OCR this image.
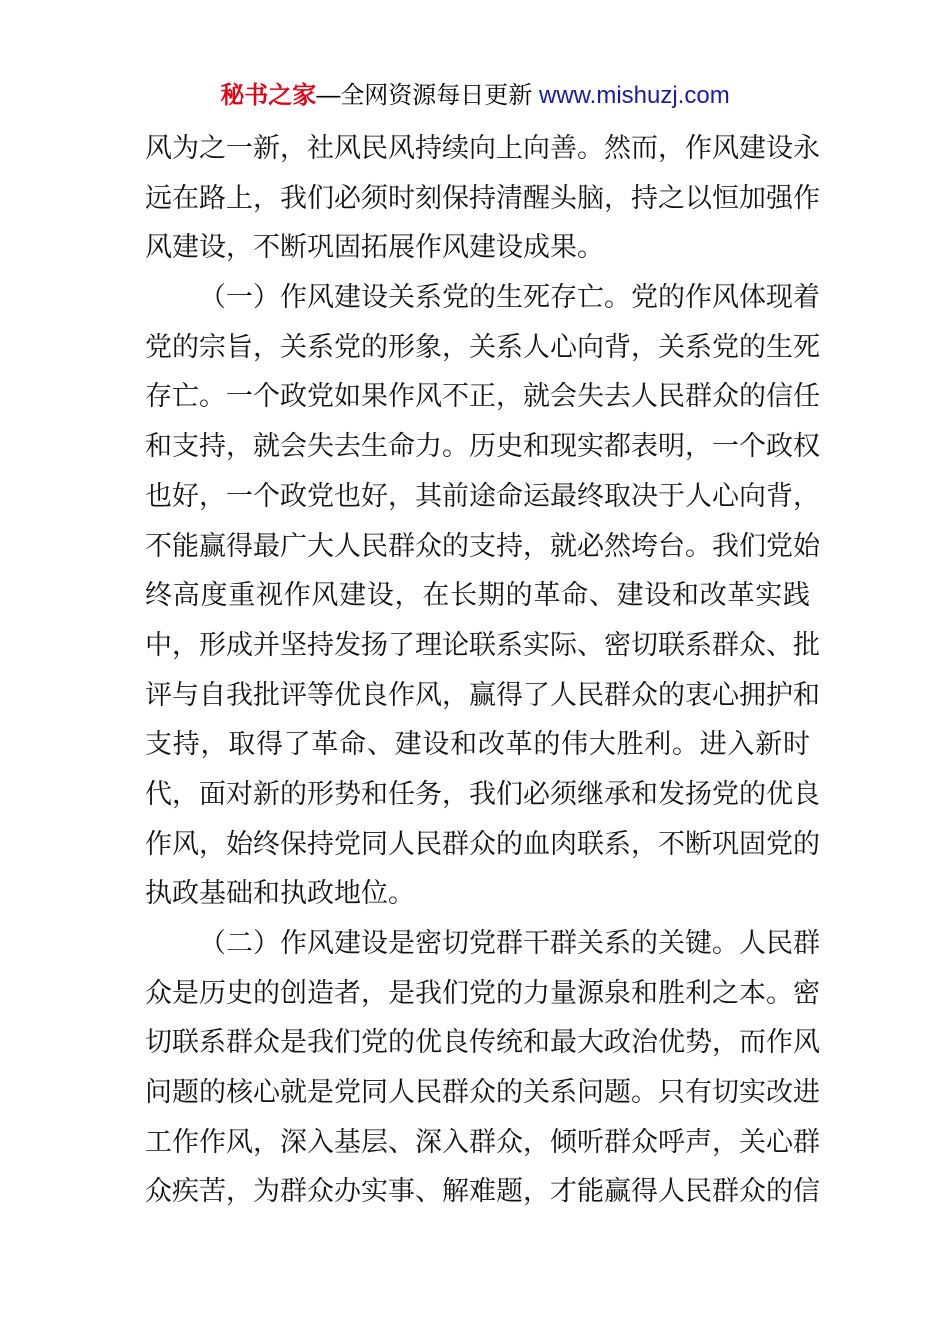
秘书之家—全网资源每日更新 www.mishuzj.com
风为之一新，社风民风持续向上向善。然而，作风建设永
远在路上，我们必须时刻保持清醒头脑，持之以恒加强作
风建设，不断巩固拓展作风建设成果。
（一）作风建设关系党的生死存亡。党的作风体现着
党的宗旨，关系党的形象，关系人心向背，关系党的生死
存亡。一个政党如果作风不正，就会失去人民群众的信任
和支持，就会失去生命力。历史和现实都表明，一个政权
也好，一个政党也好，其前途命运最终取决于人心向背，
不能赢得最广大人民群众的支持，就必然垮台。我们党始
终高度重视作风建设，在长期的革命、建设和改革实践
中，形成并坚持发扬了理论联系实际、密切联系群众、批
评与自我批评等优良作风，赢得了人民群众的衷心拥护和
支持，取得了革命、建设和改革的伟大胜利。进入新时
代，面对新的形势和任务，我们必须继承和发扬党的优良
作风，始终保持党同人民群众的血肉联系，不断巩固党的
执政基础和执政地位。
（二）作风建设是密切党群干群关系的关键。人民群
众是历史的创造者，是我们党的力量源泉和胜利之本。密
切联系群众是我们党的优良传统和最大政治优势，而作风
问题的核心就是党同人民群众的关系问题。只有切实改进
工作作风，深入基层、深入群众，倾听群众呼声，关心群
众疾苦，为群众办实事、解难题，才能赢得人民群众的信
